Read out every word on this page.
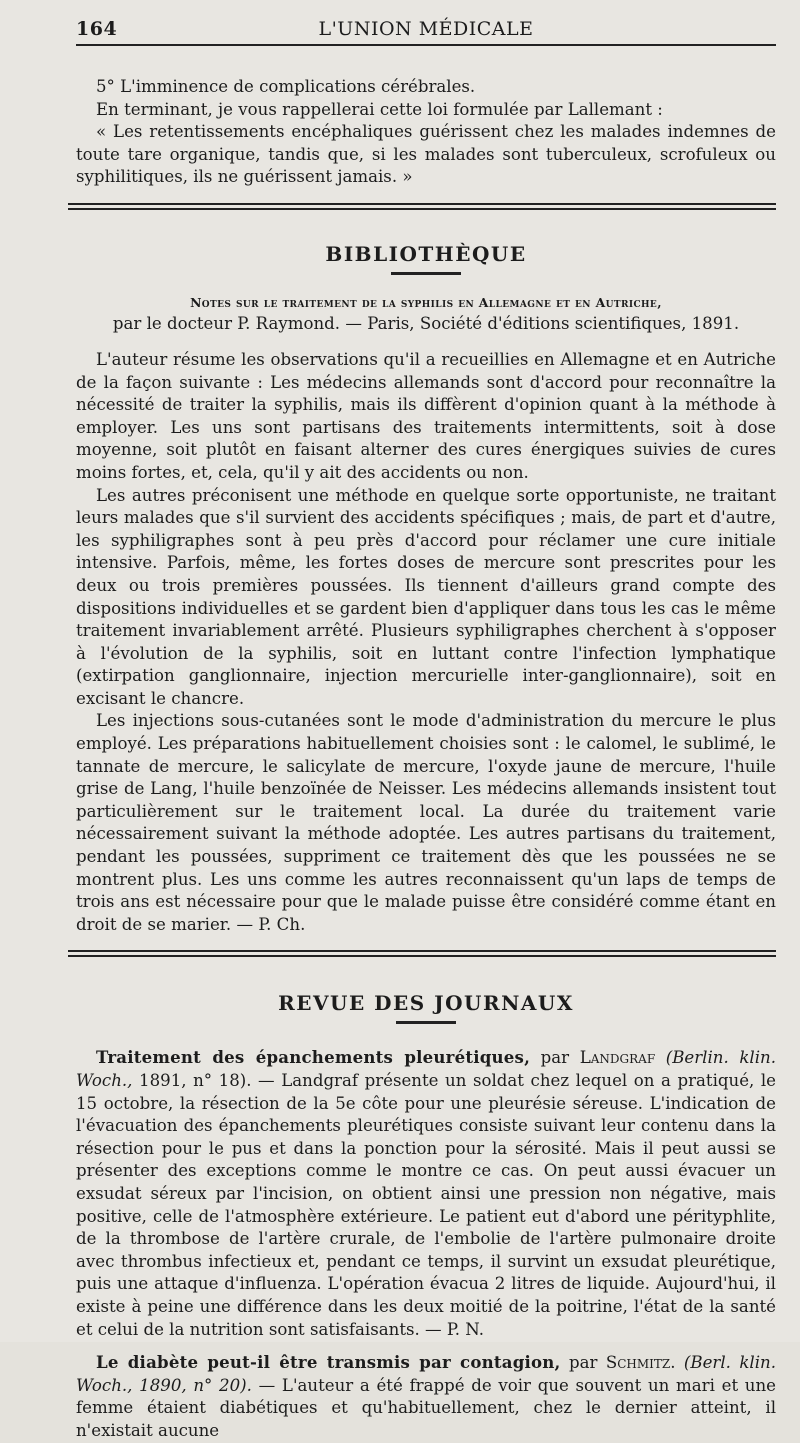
164	L'UNION MÉDICALE

5° L'imminence de complications cérébrales.

En terminant, je vous rappellerai cette loi formulée par Lallemant :

« Les retentissements encéphaliques guérissent chez les malades indemnes de toute tare organique, tandis que, si les malades sont tuberculeux, scrofuleux ou syphilitiques, ils ne guérissent jamais. »

BIBLIOTHÈQUE
Notes sur le traitement de la syphilis en Allemagne et en Autriche,
par le docteur P. Raymond. — Paris, Société d'éditions scientifiques, 1891.

L'auteur résume les observations qu'il a recueillies en Allemagne et en Autriche de la façon suivante : Les médecins allemands sont d'accord pour reconnaître la nécessité de traiter la syphilis, mais ils diffèrent d'opinion quant à la méthode à employer. Les uns sont partisans des traitements intermittents, soit à dose moyenne, soit plutôt en faisant alterner des cures énergiques suivies de cures moins fortes, et, cela, qu'il y ait des accidents ou non.

Les autres préconisent une méthode en quelque sorte opportuniste, ne traitant leurs malades que s'il survient des accidents spécifiques ; mais, de part et d'autre, les syphiligraphes sont à peu près d'accord pour réclamer une cure initiale intensive. Parfois, même, les fortes doses de mercure sont prescrites pour les deux ou trois premières poussées. Ils tiennent d'ailleurs grand compte des dispositions individuelles et se gardent bien d'appliquer dans tous les cas le même traitement invariablement arrêté. Plusieurs syphiligraphes cherchent à s'opposer à l'évolution de la syphilis, soit en luttant contre l'infection lymphatique (extirpation ganglionnaire, injection mercurielle inter-ganglionnaire), soit en excisant le chancre.

Les injections sous-cutanées sont le mode d'administration du mercure le plus employé. Les préparations habituellement choisies sont : le calomel, le sublimé, le tannate de mercure, le salicylate de mercure, l'oxyde jaune de mercure, l'huile grise de Lang, l'huile benzoïnée de Neisser. Les médecins allemands insistent tout particulièrement sur le traitement local. La durée du traitement varie nécessairement suivant la méthode adoptée. Les autres partisans du traitement, pendant les poussées, suppriment ce traitement dès que les poussées ne se montrent plus. Les uns comme les autres reconnaissent qu'un laps de temps de trois ans est nécessaire pour que le malade puisse être considéré comme étant en droit de se marier. — P. Ch.

REVUE DES JOURNAUX

Traitement des épanchements pleurétiques, par Landgraf (Berlin. klin. Woch., 1891, n° 18). — Landgraf présente un soldat chez lequel on a pratiqué, le 15 octobre, la résection de la 5e côte pour une pleurésie séreuse. L'indication de l'évacuation des épanchements pleurétiques consiste suivant leur contenu dans la résection pour le pus et dans la ponction pour la sérosité. Mais il peut aussi se présenter des exceptions comme le montre ce cas. On peut aussi évacuer un exsudat séreux par l'incision, on obtient ainsi une pression non négative, mais positive, celle de l'atmosphère extérieure. Le patient eut d'abord une pérityphlite, de la thrombose de l'artère crurale, de l'embolie de l'artère pulmonaire droite avec thrombus infectieux et, pendant ce temps, il survint un exsudat pleurétique, puis une attaque d'influenza. L'opération évacua 2 litres de liquide. Aujourd'hui, il existe à peine une différence dans les deux moitié de la poitrine, l'état de la santé et celui de la nutrition sont satisfaisants. — P. N.

Le diabète peut-il être transmis par contagion, par Schmitz. (Berl. klin. Woch., 1890, n° 20). — L'auteur a été frappé de voir que souvent un mari et une femme étaient diabétiques et qu'habituellement, chez le dernier atteint, il n'existait aucune
